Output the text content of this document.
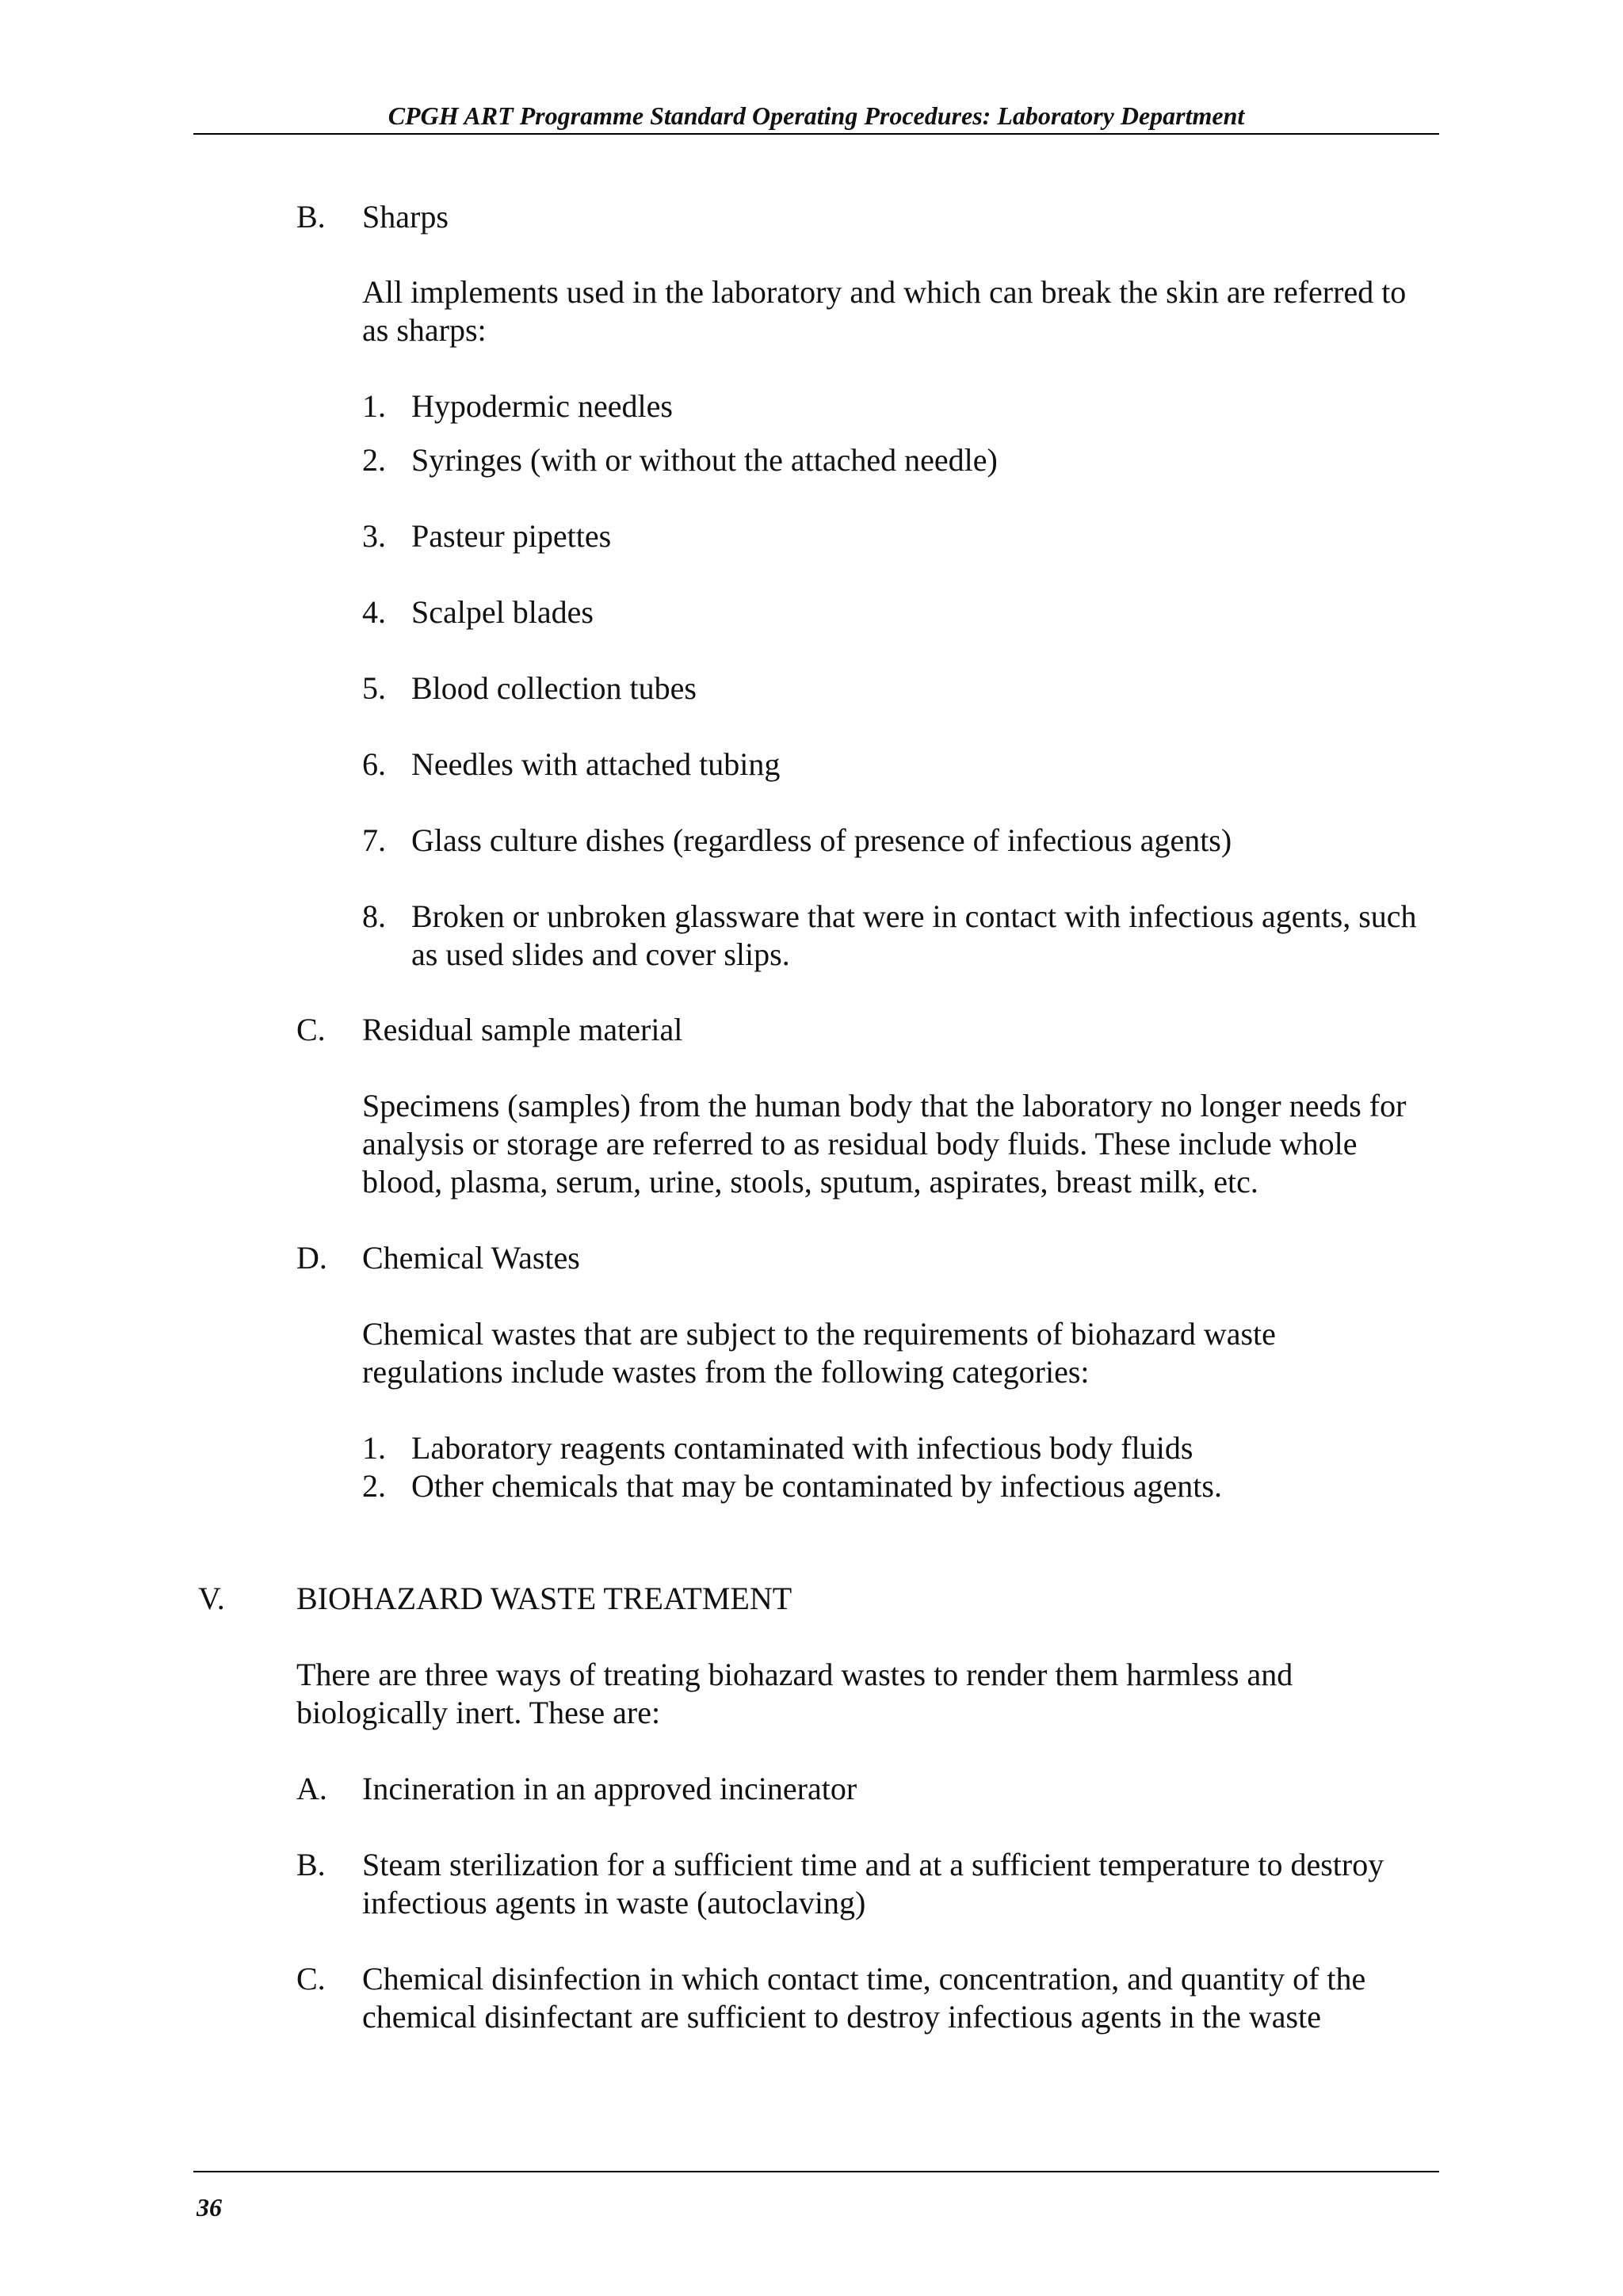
CPGH ART Programme Standard Operating Procedures: Laboratory Department
B. Sharps
All implements used in the laboratory and which can break the skin are referred to as sharps:
1. Hypodermic needles
2. Syringes (with or without the attached needle)
3. Pasteur pipettes
4. Scalpel blades
5. Blood collection tubes
6. Needles with attached tubing
7. Glass culture dishes (regardless of presence of infectious agents)
8. Broken or unbroken glassware that were in contact with infectious agents, such as used slides and cover slips.
C. Residual sample material
Specimens (samples) from the human body that the laboratory no longer needs for analysis or storage are referred to as residual body fluids. These include whole blood, plasma, serum, urine, stools, sputum, aspirates, breast milk, etc.
D. Chemical Wastes
Chemical wastes that are subject to the requirements of biohazard waste regulations include wastes from the following categories:
1. Laboratory reagents contaminated with infectious body fluids
2. Other chemicals that may be contaminated by infectious agents.
V. BIOHAZARD WASTE TREATMENT
There are three ways of treating biohazard wastes to render them harmless and biologically inert. These are:
A. Incineration in an approved incinerator
B. Steam sterilization for a sufficient time and at a sufficient temperature to destroy infectious agents in waste (autoclaving)
C. Chemical disinfection in which contact time, concentration, and quantity of the chemical disinfectant are sufficient to destroy infectious agents in the waste
36
